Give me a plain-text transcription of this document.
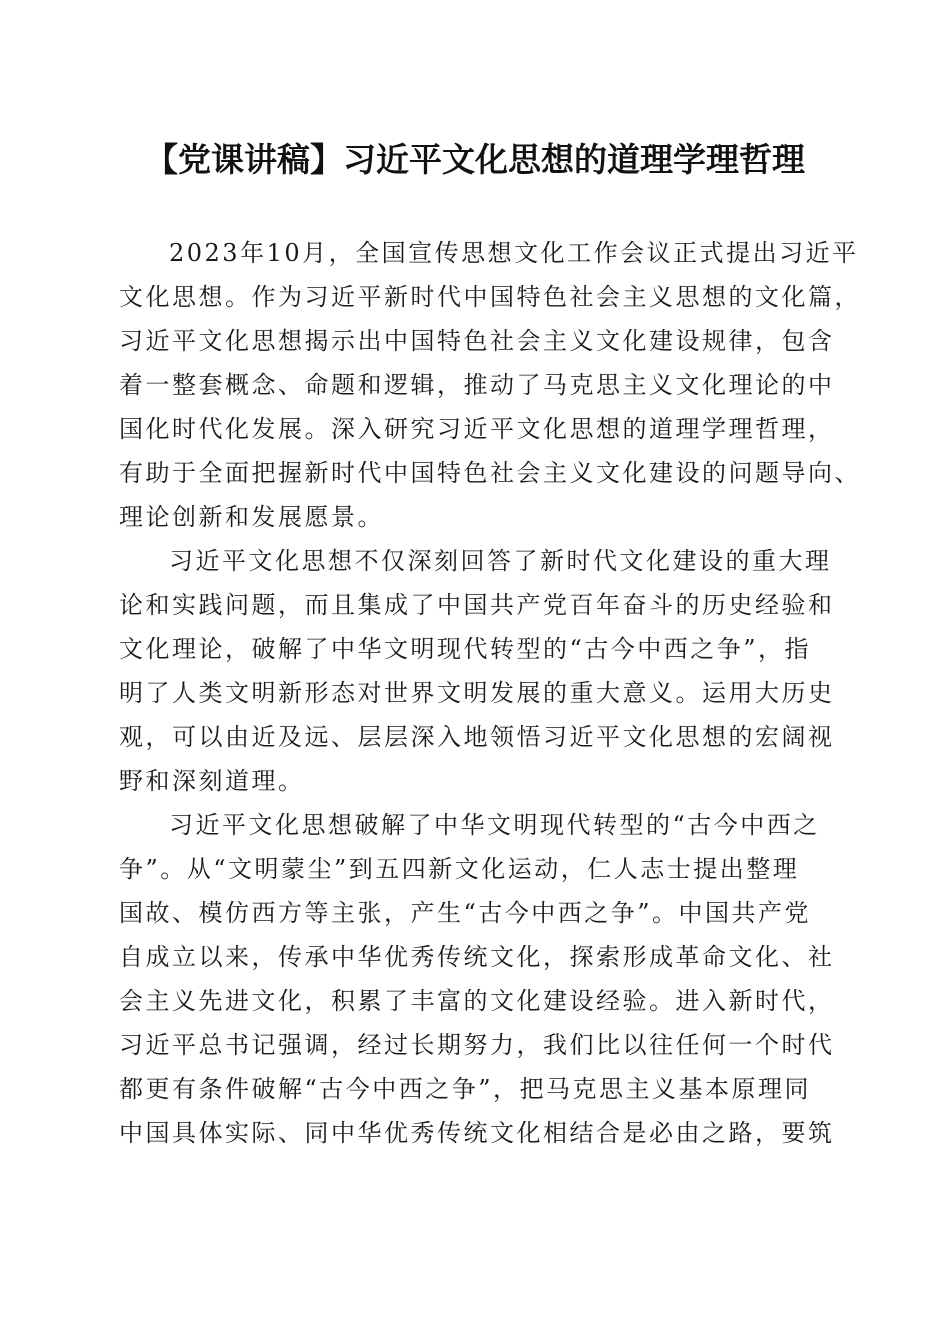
【党课讲稿】习近平文化思想的道理学理哲理
2023年10月，全国宣传思想文化工作会议正式提出习近平
文化思想。作为习近平新时代中国特色社会主义思想的文化篇，
习近平文化思想揭示出中国特色社会主义文化建设规律，包含
着一整套概念、命题和逻辑，推动了马克思主义文化理论的中
国化时代化发展。深入研究习近平文化思想的道理学理哲理，
有助于全面把握新时代中国特色社会主义文化建设的问题导向、
理论创新和发展愿景。
习近平文化思想不仅深刻回答了新时代文化建设的重大理
论和实践问题，而且集成了中国共产党百年奋斗的历史经验和
文化理论，破解了中华文明现代转型的“古今中西之争”，指
明了人类文明新形态对世界文明发展的重大意义。运用大历史
观，可以由近及远、层层深入地领悟习近平文化思想的宏阔视
野和深刻道理。
习近平文化思想破解了中华文明现代转型的“古今中西之
争”。从“文明蒙尘”到五四新文化运动，仁人志士提出整理
国故、模仿西方等主张，产生“古今中西之争”。中国共产党
自成立以来，传承中华优秀传统文化，探索形成革命文化、社
会主义先进文化，积累了丰富的文化建设经验。进入新时代，
习近平总书记强调，经过长期努力，我们比以往任何一个时代
都更有条件破解“古今中西之争”，把马克思主义基本原理同
中国具体实际、同中华优秀传统文化相结合是必由之路，要筑
